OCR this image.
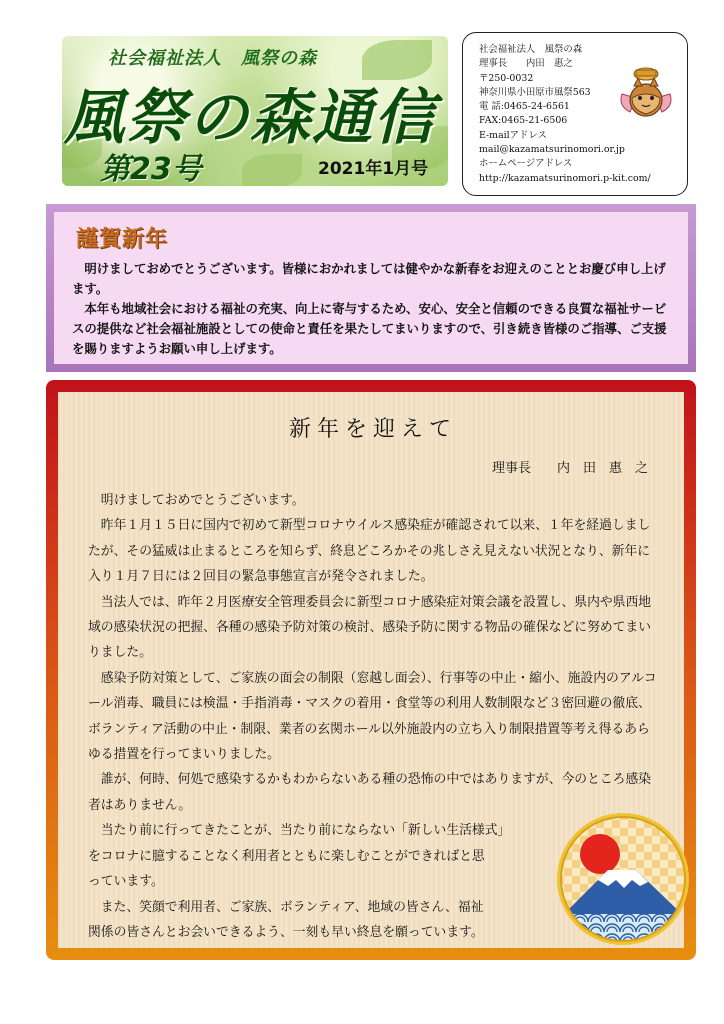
社会福祉法人　風祭の森
風祭の森通信
第23号	2021年1月号
社会福祉法人　風祭の森
理事長　　内田　惠之
〒250-0032
神奈川県小田原市風祭563
電 話:0465-24-6561
FAX:0465-21-6506
E-mailアドレス
mail@kazamatsurinomori.or.jp
ホームページアドレス
http://kazamatsurinomori.p-kit.com/
謹賀新年

明けましておめでとうございます。皆様におかれましては健やかな新春をお迎えのこととお慶び申し上げます。

本年も地域社会における福祉の充実、向上に寄与するため、安心、安全と信頼のできる良質な福祉サービスの提供など社会福祉施設としての使命と責任を果たしてまいりますので、引き続き皆様のご指導、ご支援を賜りますようお願い申し上げます。

新年を迎えて
理事長　　内　田　惠　之

明けましておめでとうございます。

昨年１月１５日に国内で初めて新型コロナウイルス感染症が確認されて以来、１年を経過しましたが、その猛威は止まるところを知らず、終息どころかその兆しさえ見えない状況となり、新年に入り１月７日には２回目の緊急事態宣言が発令されました。

当法人では、昨年２月医療安全管理委員会に新型コロナ感染症対策会議を設置し、県内や県西地域の感染状況の把握、各種の感染予防対策の検討、感染予防に関する物品の確保などに努めてまいりました。

感染予防対策として、ご家族の面会の制限（窓越し面会）、行事等の中止・縮小、施設内のアルコール消毒、職員には検温・手指消毒・マスクの着用・食堂等の利用人数制限など３密回避の徹底、ボランティア活動の中止・制限、業者の玄関ホール以外施設内の立ち入り制限措置等考え得るあらゆる措置を行ってまいりました。

誰が、何時、何処で感染するかもわからないある種の恐怖の中ではありますが、今のところ感染者はありません。

当たり前に行ってきたことが、当たり前にならない「新しい生活様式」

をコロナに臆することなく利用者とともに楽しむことができればと思

っています。

また、笑顔で利用者、ご家族、ボランティア、地域の皆さん、福祉

関係の皆さんとお会いできるよう、一刻も早い終息を願っています。
